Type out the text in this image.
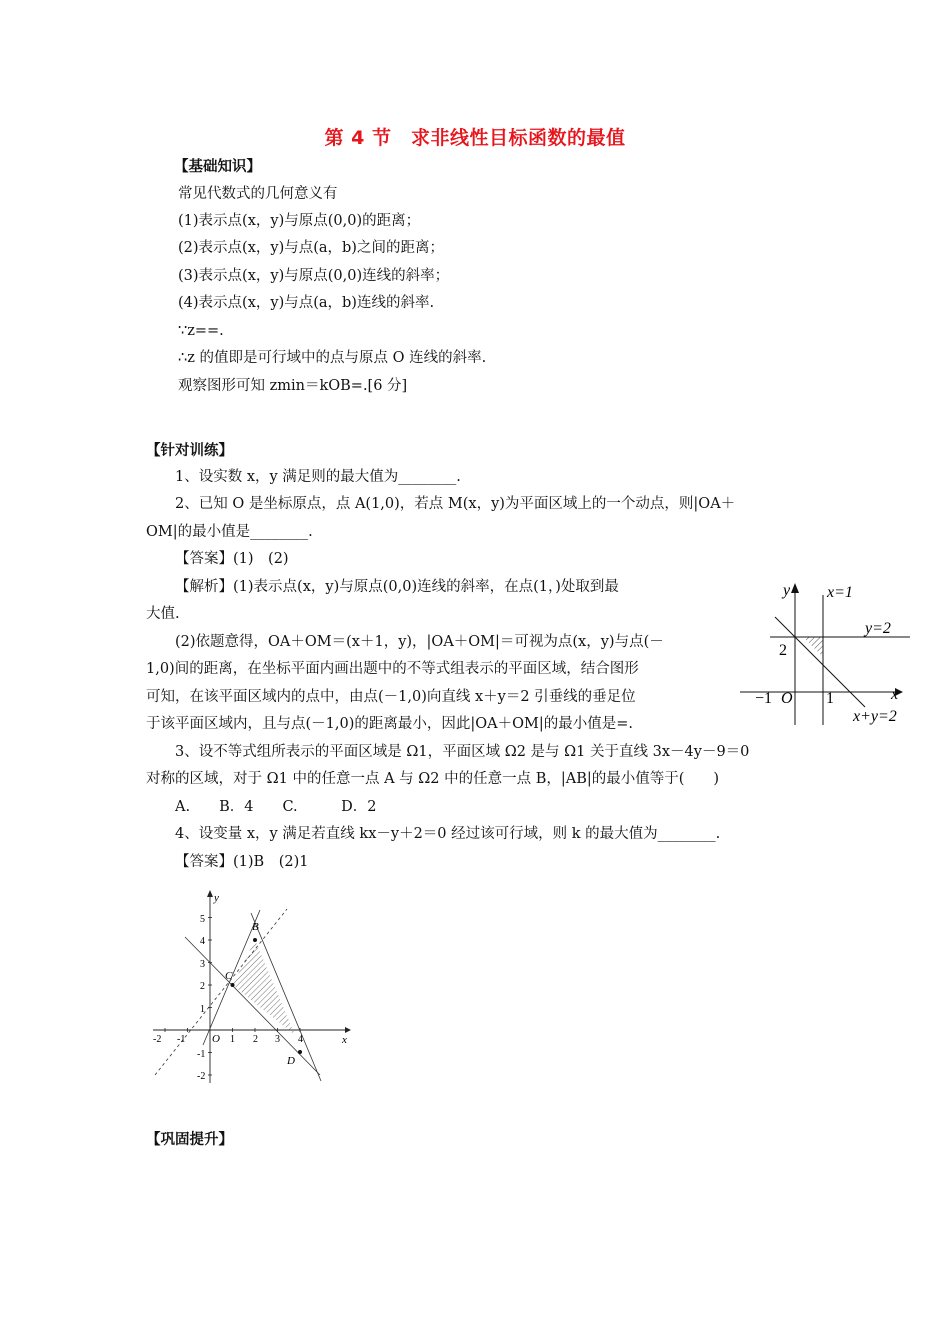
第 4 节　求非线性目标函数的最值
【基础知识】
常见代数式的几何意义有
(1)表示点(x，y)与原点(0,0)的距离；
(2)表示点(x，y)与点(a，b)之间的距离；
(3)表示点(x，y)与原点(0,0)连线的斜率；
(4)表示点(x，y)与点(a，b)连线的斜率.
∵z==.
∴z 的值即是可行域中的点与原点 O 连线的斜率.
观察图形可知 zmin＝kOB=.[6 分]
【针对训练】
1、设实数 x，y 满足则的最大值为________.
2、已知 O 是坐标原点，点 A(1,0)，若点 M(x，y)为平面区域上的一个动点，则|OA＋
OM|的最小值是________.
【答案】(1)　(2)
【解析】(1)表示点(x，y)与原点(0,0)连线的斜率，在点(1，)处取到最
大值.
(2)依题意得，OA＋OM＝(x＋1，y)，|OA＋OM|＝可视为点(x，y)与点(－
1,0)间的距离，在坐标平面内画出题中的不等式组表示的平面区域，结合图形
可知，在该平面区域内的点中，由点(－1,0)向直线 x＋y＝2 引垂线的垂足位
于该平面区域内，且与点(－1,0)的距离最小，因此|OA＋OM|的最小值是=.
3、设不等式组所表示的平面区域是 Ω1，平面区域 Ω2 是与 Ω1 关于直线 3x－4y－9＝0
对称的区域，对于 Ω1 中的任意一点 A 与 Ω2 中的任意一点 B，|AB|的最小值等于(　　)
A.　　B．4　　C.　　　D．2
4、设变量 x，y 满足若直线 kx－y＋2＝0 经过该可行域，则 k 的最大值为________.
【答案】(1)B　(2)1
y x=1
y=2
2
−1 O 1	x
x+y=2
y
x
B
C
D
O
5
4
3
2
1
-1
-2
-2 -1	1 2 3 4
【巩固提升】
